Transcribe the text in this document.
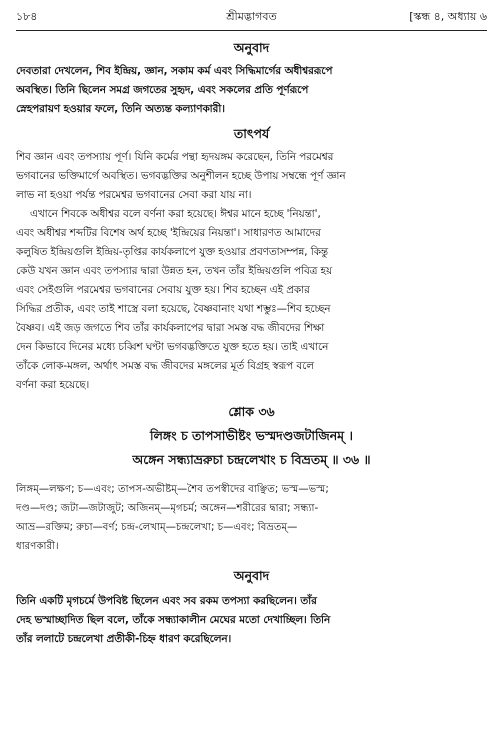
১৮৪	শ্রীমদ্ভাগবত	[স্কন্ধ ৪, অধ্যায় ৬
অনুবাদ
দেবতারা দেখলেন, শিব ইন্দ্রিয়, জ্ঞান, সকাম কর্ম এবং সিদ্ধিমার্গের অধীশ্বররূপে
অবস্থিত। তিনি ছিলেন সমগ্র জগতের সুহৃদ, এবং সকলের প্রতি পূর্ণরূপে
স্নেহপরায়ণ হওয়ার ফলে, তিনি অত্যন্ত কল্যাণকারী।
তাৎপর্য
শিব জ্ঞান এবং তপস্যায় পূর্ণ। যিনি কর্মের পন্থা হৃদয়ঙ্গম করেছেন, তিনি পরমেশ্বর
ভগবানের ভক্তিমার্গে অবস্থিত। ভগবদ্ভক্তির অনুশীলন হচ্ছে উপায় সম্বন্ধে পূর্ণ জ্ঞান
লাভ না হওয়া পর্যন্ত পরমেশ্বর ভগবানের সেবা করা যায় না।
এখানে শিবকে অধীশ্বর বলে বর্ণনা করা হয়েছে। ঈশ্বর মানে হচ্ছে 'নিয়ন্তা',
এবং অধীশ্বর শব্দটির বিশেষ অর্থ হচ্ছে 'ইন্দ্রিয়ের নিয়ন্তা'। সাধারণত আমাদের
কলুষিত ইন্দ্রিয়গুলি ইন্দ্রিয়-তৃপ্তির কার্যকলাপে যুক্ত হওয়ার প্রবণতাসম্পন্ন, কিন্তু
কেউ যখন জ্ঞান এবং তপস্যার দ্বারা উন্নত হন, তখন তাঁর ইন্দ্রিয়গুলি পবিত্র হয়
এবং সেইগুলি পরমেশ্বর ভগবানের সেবায় যুক্ত হয়। শিব হচ্ছেন এই প্রকার
সিদ্ধির প্রতীক, এবং তাই শাস্ত্রে বলা হয়েছে, বৈষ্ণবানাং যথা শম্ভুঃ—শিব হচ্ছেন
বৈষ্ণব। এই জড় জগতে শিব তাঁর কার্যকলাপের দ্বারা সমস্ত বদ্ধ জীবদের শিক্ষা
দেন কিভাবে দিনের মধ্যে চব্বিশ ঘণ্টা ভগবদ্ভক্তিতে যুক্ত হতে হয়। তাই এখানে
তাঁকে লোক-মঙ্গল, অর্থাৎ সমস্ত বদ্ধ জীবদের মঙ্গলের মূর্ত বিগ্রহ স্বরূপ বলে
বর্ণনা করা হয়েছে।
শ্লোক ৩৬
লিঙ্গং চ তাপসাভীষ্টং ভস্মদণ্ডজটাজিনম্ ।
অঙ্গেন সন্ধ্যাভ্ররুচা চন্দ্রলেখাং চ বিভ্রতম্ ॥ ৩৬ ॥
লিঙ্গম্—লক্ষণ; চ—এবং; তাপস-অভীষ্টম্—শৈব তপস্বীদের বাঞ্ছিত; ভস্ম—ভস্ম;
দণ্ড—দণ্ড; জটা—জটাজুট; অজিনম্—মৃগচর্ম; অঙ্গেন—শরীরের দ্বারা; সন্ধ্যা-
আভ্র—রক্তিম; রুচা—বর্ণ; চন্দ্র-লেখাম্—চন্দ্রলেখা; চ—এবং; বিভ্রতম্—
ধারণকারী।
অনুবাদ
তিনি একটি মৃগচর্মে উপবিষ্ট ছিলেন এবং সব রকম তপস্যা করছিলেন। তাঁর
দেহ ভস্মাচ্ছাদিত ছিল বলে, তাঁকে সন্ধ্যাকালীন মেঘের মতো দেখাচ্ছিল। তিনি
তাঁর ললাটে চন্দ্রলেখা প্রতীকী-চিহ্ন ধারণ করেছিলেন।
